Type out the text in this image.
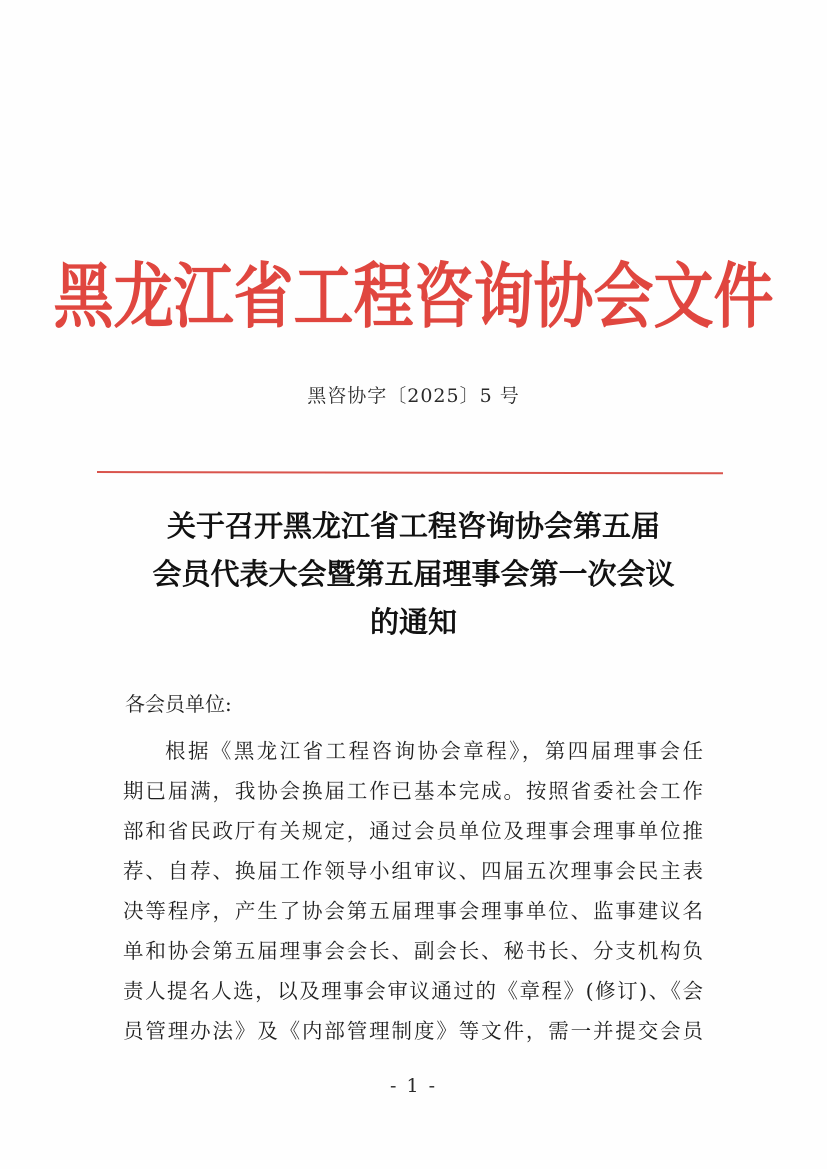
黑龙江省工程咨询协会文件
黑咨协字〔2025〕5 号
关于召开黑龙江省工程咨询协会第五届
会员代表大会暨第五届理事会第一次会议
的通知
各会员单位:
根据《黑龙江省工程咨询协会章程》，第四届理事会任
期已届满，我协会换届工作已基本完成。按照省委社会工作
部和省民政厅有关规定，通过会员单位及理事会理事单位推
荐、自荐、换届工作领导小组审议、四届五次理事会民主表
决等程序，产生了协会第五届理事会理事单位、监事建议名
单和协会第五届理事会会长、副会长、秘书长、分支机构负
责人提名人选，以及理事会审议通过的《章程》(修订)、《会
员管理办法》及《内部管理制度》等文件，需一并提交会员
- 1 -
